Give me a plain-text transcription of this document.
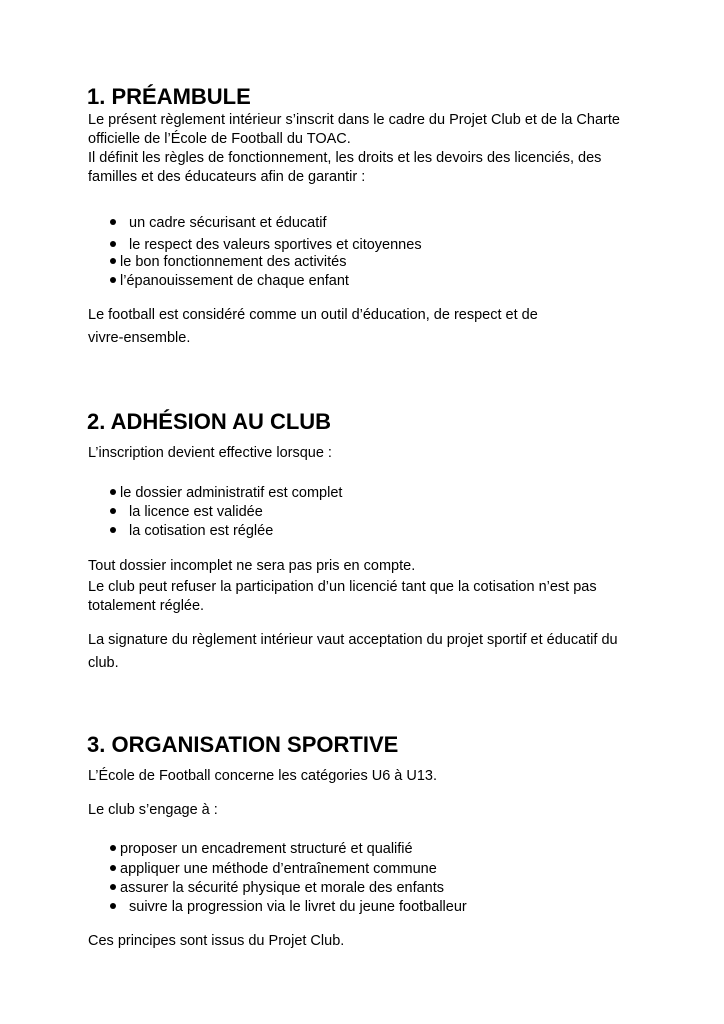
1. PRÉAMBULE
Le présent règlement intérieur s’inscrit dans le cadre du Projet Club et de la Charte
officielle de l’École de Football du TOAC.
Il définit les règles de fonctionnement, les droits et les devoirs des licenciés, des
familles et des éducateurs afin de garantir :
un cadre sécurisant et éducatif
le respect des valeurs sportives et citoyennes
le bon fonctionnement des activités
l’épanouissement de chaque enfant
Le football est considéré comme un outil d’éducation, de respect et de
vivre-ensemble.
2. ADHÉSION AU CLUB
L’inscription devient effective lorsque :
le dossier administratif est complet
la licence est validée
la cotisation est réglée
Tout dossier incomplet ne sera pas pris en compte.
Le club peut refuser la participation d’un licencié tant que la cotisation n’est pas
totalement réglée.
La signature du règlement intérieur vaut acceptation du projet sportif et éducatif du
club.
3. ORGANISATION SPORTIVE
L’École de Football concerne les catégories U6 à U13.
Le club s’engage à :
proposer un encadrement structuré et qualifié
appliquer une méthode d’entraînement commune
assurer la sécurité physique et morale des enfants
suivre la progression via le livret du jeune footballeur
Ces principes sont issus du Projet Club.
